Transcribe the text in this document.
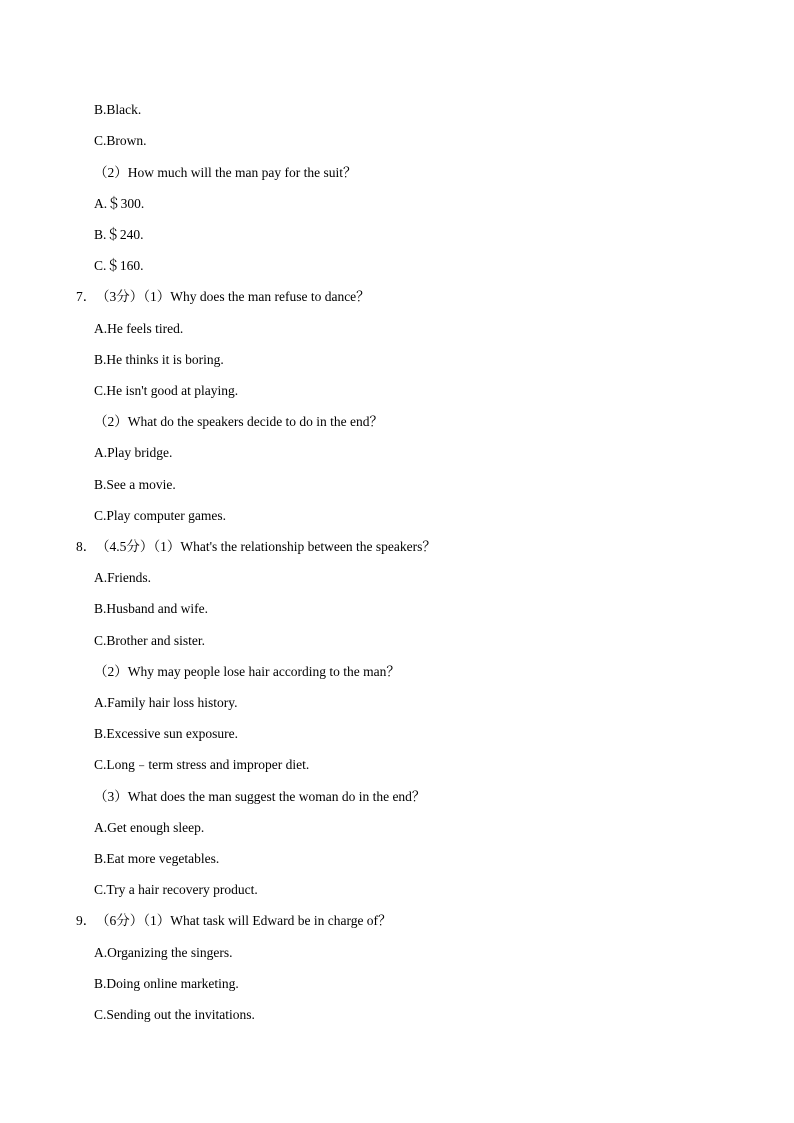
B.Black.
C.Brown.
（2）How much will the man pay for the suit？
A.＄300.
B.＄240.
C.＄160.
7．（3分）（1）Why does the man refuse to dance？
A.He feels tired.
B.He thinks it is boring.
C.He isn't good at playing.
（2）What do the speakers decide to do in the end？
A.Play bridge.
B.See a movie.
C.Play computer games.
8．（4.5分）（1）What's the relationship between the speakers？
A.Friends.
B.Husband and wife.
C.Brother and sister.
（2）Why may people lose hair according to the man？
A.Family hair loss history.
B.Excessive sun exposure.
C.Long﹣term stress and improper diet.
（3）What does the man suggest the woman do in the end？
A.Get enough sleep.
B.Eat more vegetables.
C.Try a hair recovery product.
9．（6分）（1）What task will Edward be in charge of？
A.Organizing the singers.
B.Doing online marketing.
C.Sending out the invitations.
